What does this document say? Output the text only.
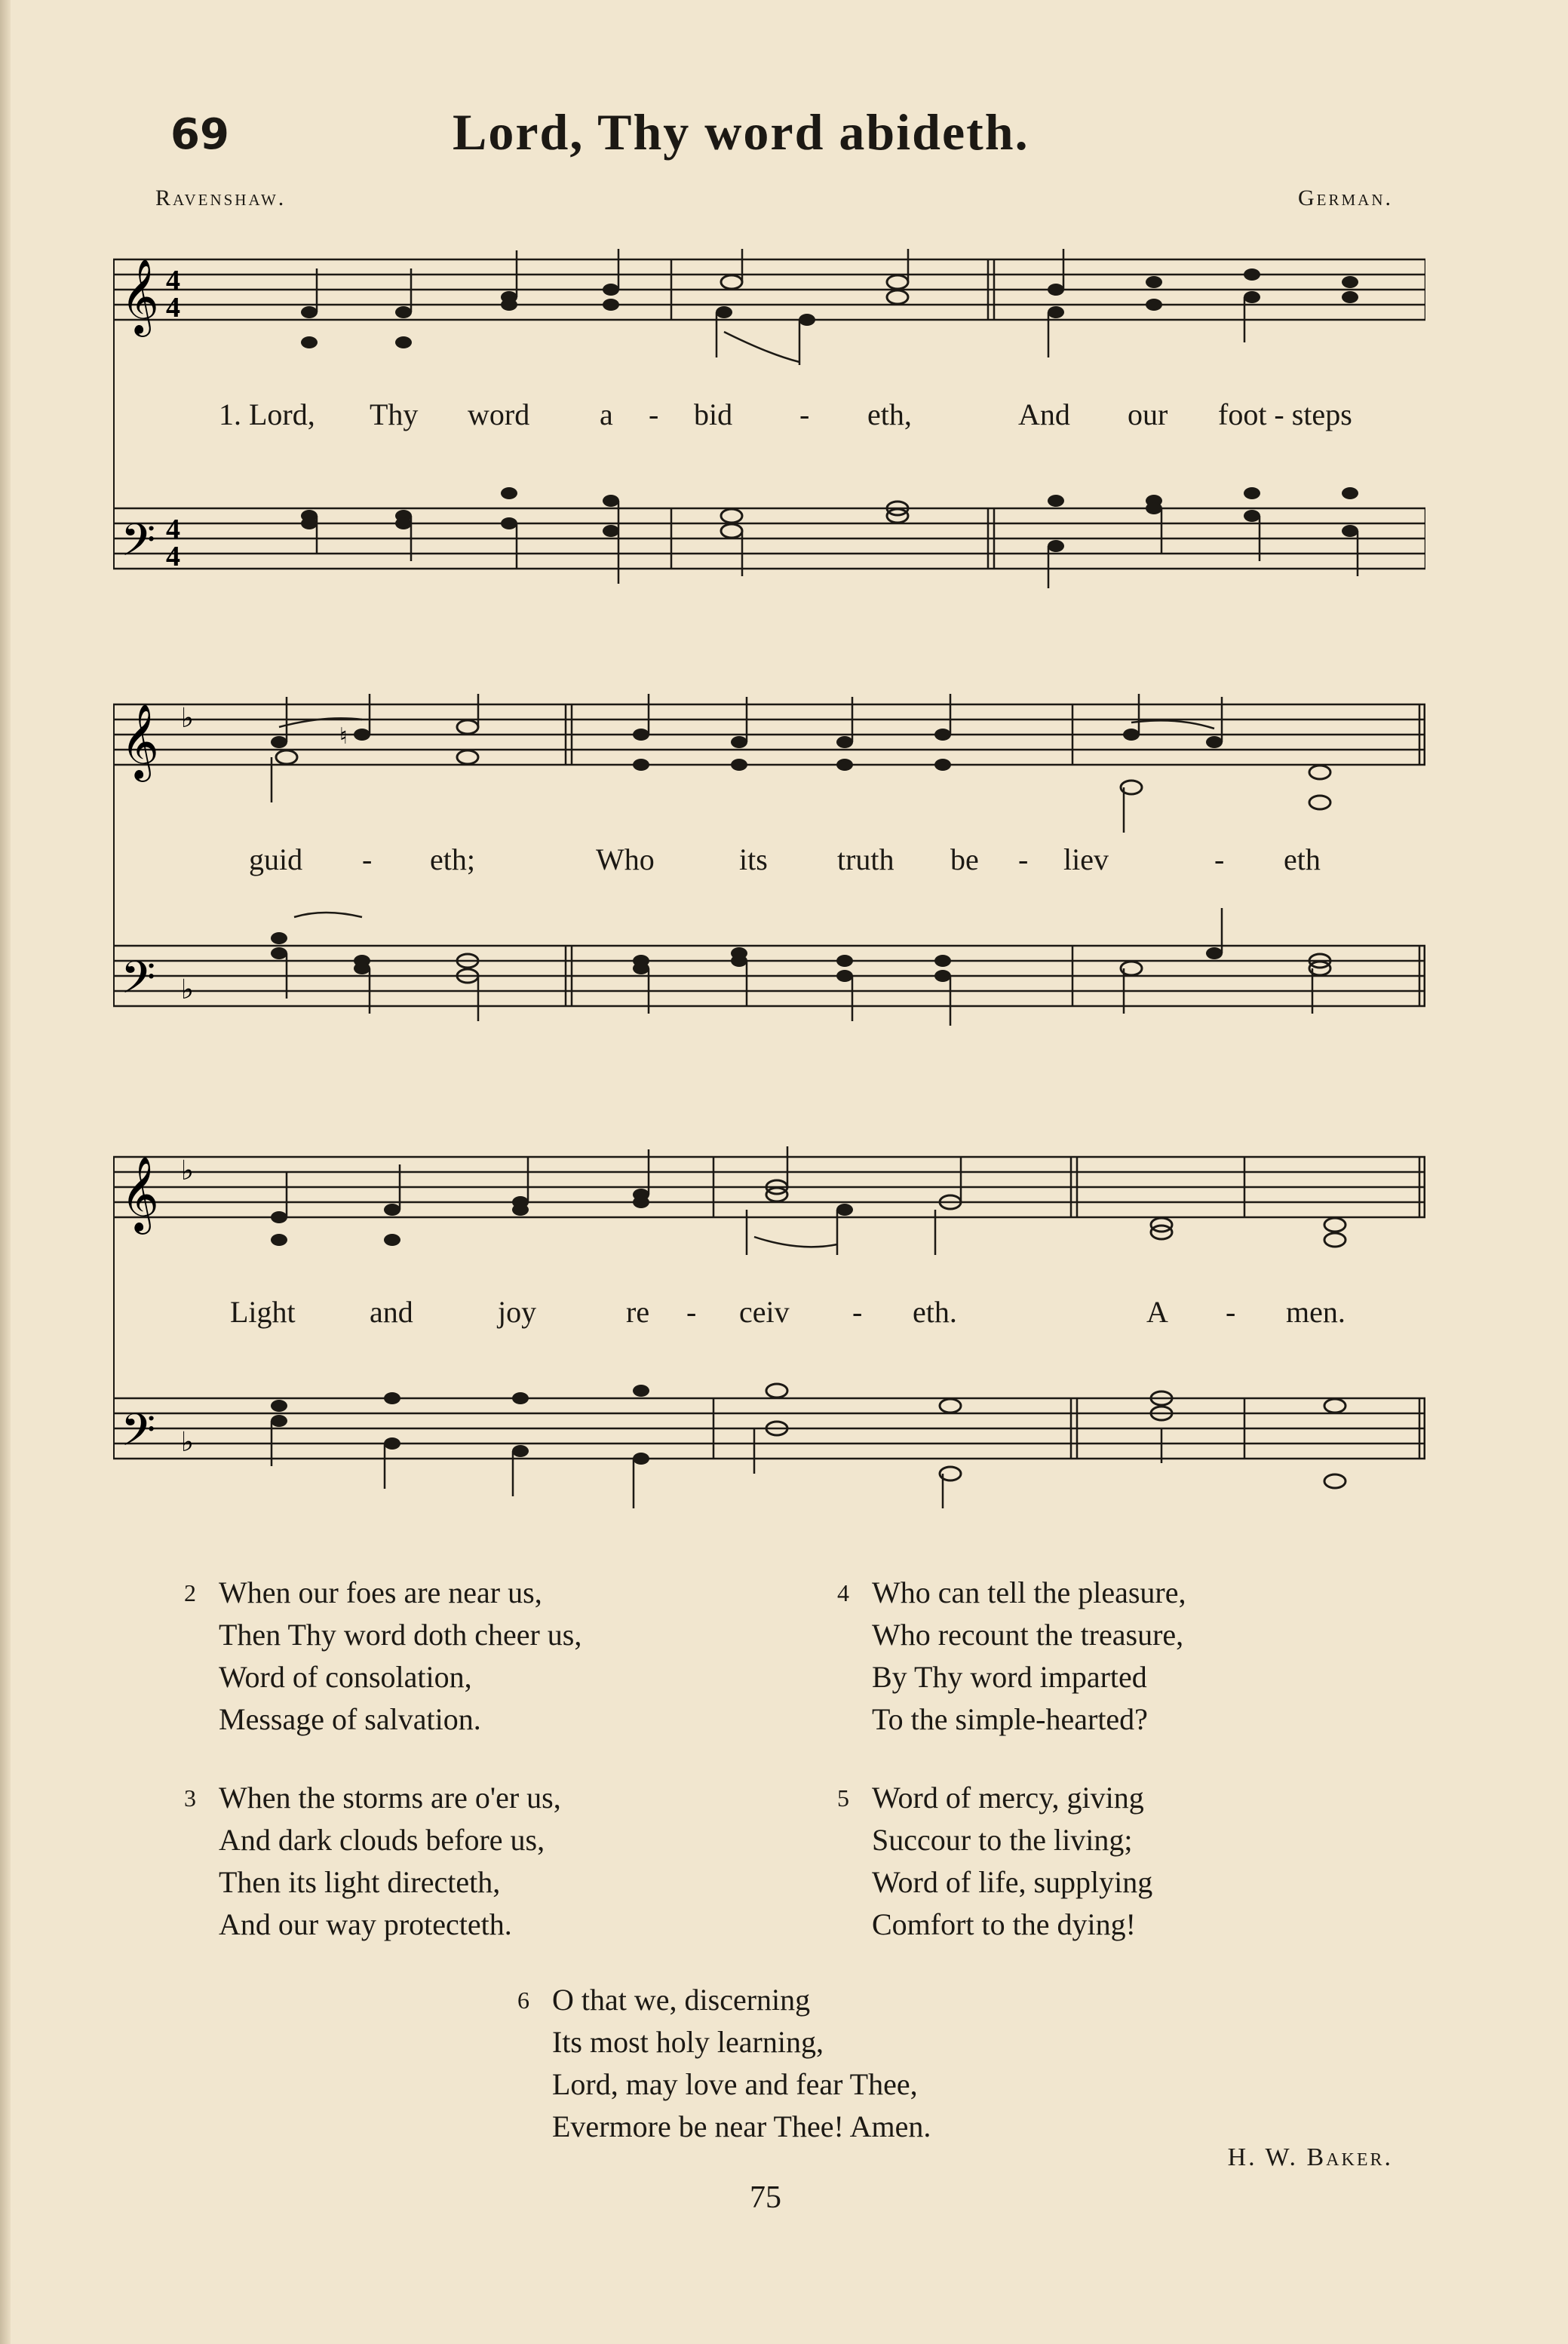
69	Lord, Thy word abideth.
Ravenshaw.	German.
𝄞 4
4
𝄢 4
4
1. Lord, Thy word a - bid - eth,	And our foot - steps
𝄞 ♭
𝄢 ♭
♮
guid - eth;	Who	its truth be - liev	- eth
𝄞 ♭
𝄢 ♭
Light and	joy	re - ceiv - eth.	A - men.
2 When our foes are near us,
Then Thy word doth cheer us,
Word of consolation,
Message of salvation.
3 When the storms are o'er us,
And dark clouds before us,
Then its light directeth,
And our way protecteth.
4 Who can tell the pleasure,
Who recount the treasure,
By Thy word imparted
To the simple-hearted?
5 Word of mercy, giving
Succour to the living;
Word of life, supplying
Comfort to the dying!
6 O that we, discerning
Its most holy learning,
Lord, may love and fear Thee,
Evermore be near Thee! Amen.
H. W. Baker.
75
